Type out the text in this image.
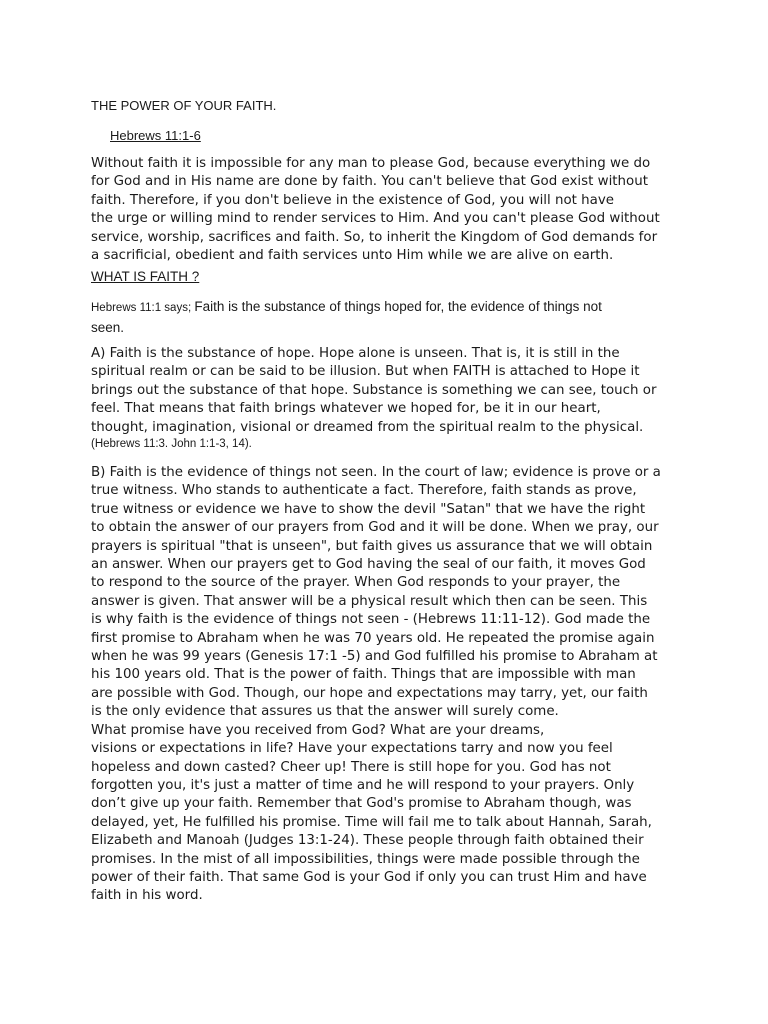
THE POWER OF YOUR FAITH.
Hebrews 11:1-6

Without faith it is impossible for any man to please God, because everything we do
for God and in His name are done by faith. You can't believe that God exist without
faith. Therefore, if you don't believe in the existence of God, you will not have
the urge or willing mind to render services to Him. And you can't please God without
service, worship, sacrifices and faith. So, to inherit the Kingdom of God demands for
a sacrificial, obedient and faith services unto Him while we are alive on earth.

WHAT IS FAITH ?

Hebrews 11:1 says; Faith is the substance of things hoped for, the evidence of things not
seen.

A) Faith is the substance of hope. Hope alone is unseen. That is, it is still in the
spiritual realm or can be said to be illusion. But when FAITH is attached to Hope it
brings out the substance of that hope. Substance is something we can see, touch or
feel. That means that faith brings whatever we hoped for, be it in our heart,
thought, imagination, visional or dreamed from the spiritual realm to the physical.

(Hebrews 11:3. John 1:1-3, 14).

B) Faith is the evidence of things not seen. In the court of law; evidence is prove or a
true witness. Who stands to authenticate a fact. Therefore, faith stands as prove,
true witness or evidence we have to show the devil "Satan" that we have the right
to obtain the answer of our prayers from God and it will be done. When we pray, our
prayers is spiritual "that is unseen", but faith gives us assurance that we will obtain
an answer. When our prayers get to God having the seal of our faith, it moves God
to respond to the source of the prayer. When God responds to your prayer, the
answer is given. That answer will be a physical result which then can be seen. This
is why faith is the evidence of things not seen - (Hebrews 11:11-12). God made the
first promise to Abraham when he was 70 years old. He repeated the promise again
when he was 99 years (Genesis 17:1 -5) and God fulfilled his promise to Abraham at
his 100 years old. That is the power of faith. Things that are impossible with man
are possible with God. Though, our hope and expectations may tarry, yet, our faith
is the only evidence that assures us that the answer will surely come.
What promise have you received from God? What are your dreams,
visions or expectations in life? Have your expectations tarry and now you feel
hopeless and down casted? Cheer up! There is still hope for you. God has not
forgotten you, it's just a matter of time and he will respond to your prayers. Only
don’t give up your faith. Remember that God's promise to Abraham though, was
delayed, yet, He fulfilled his promise. Time will fail me to talk about Hannah, Sarah,
Elizabeth and Manoah (Judges 13:1-24). These people through faith obtained their
promises. In the mist of all impossibilities, things were made possible through the
power of their faith. That same God is your God if only you can trust Him and have
faith in his word.
